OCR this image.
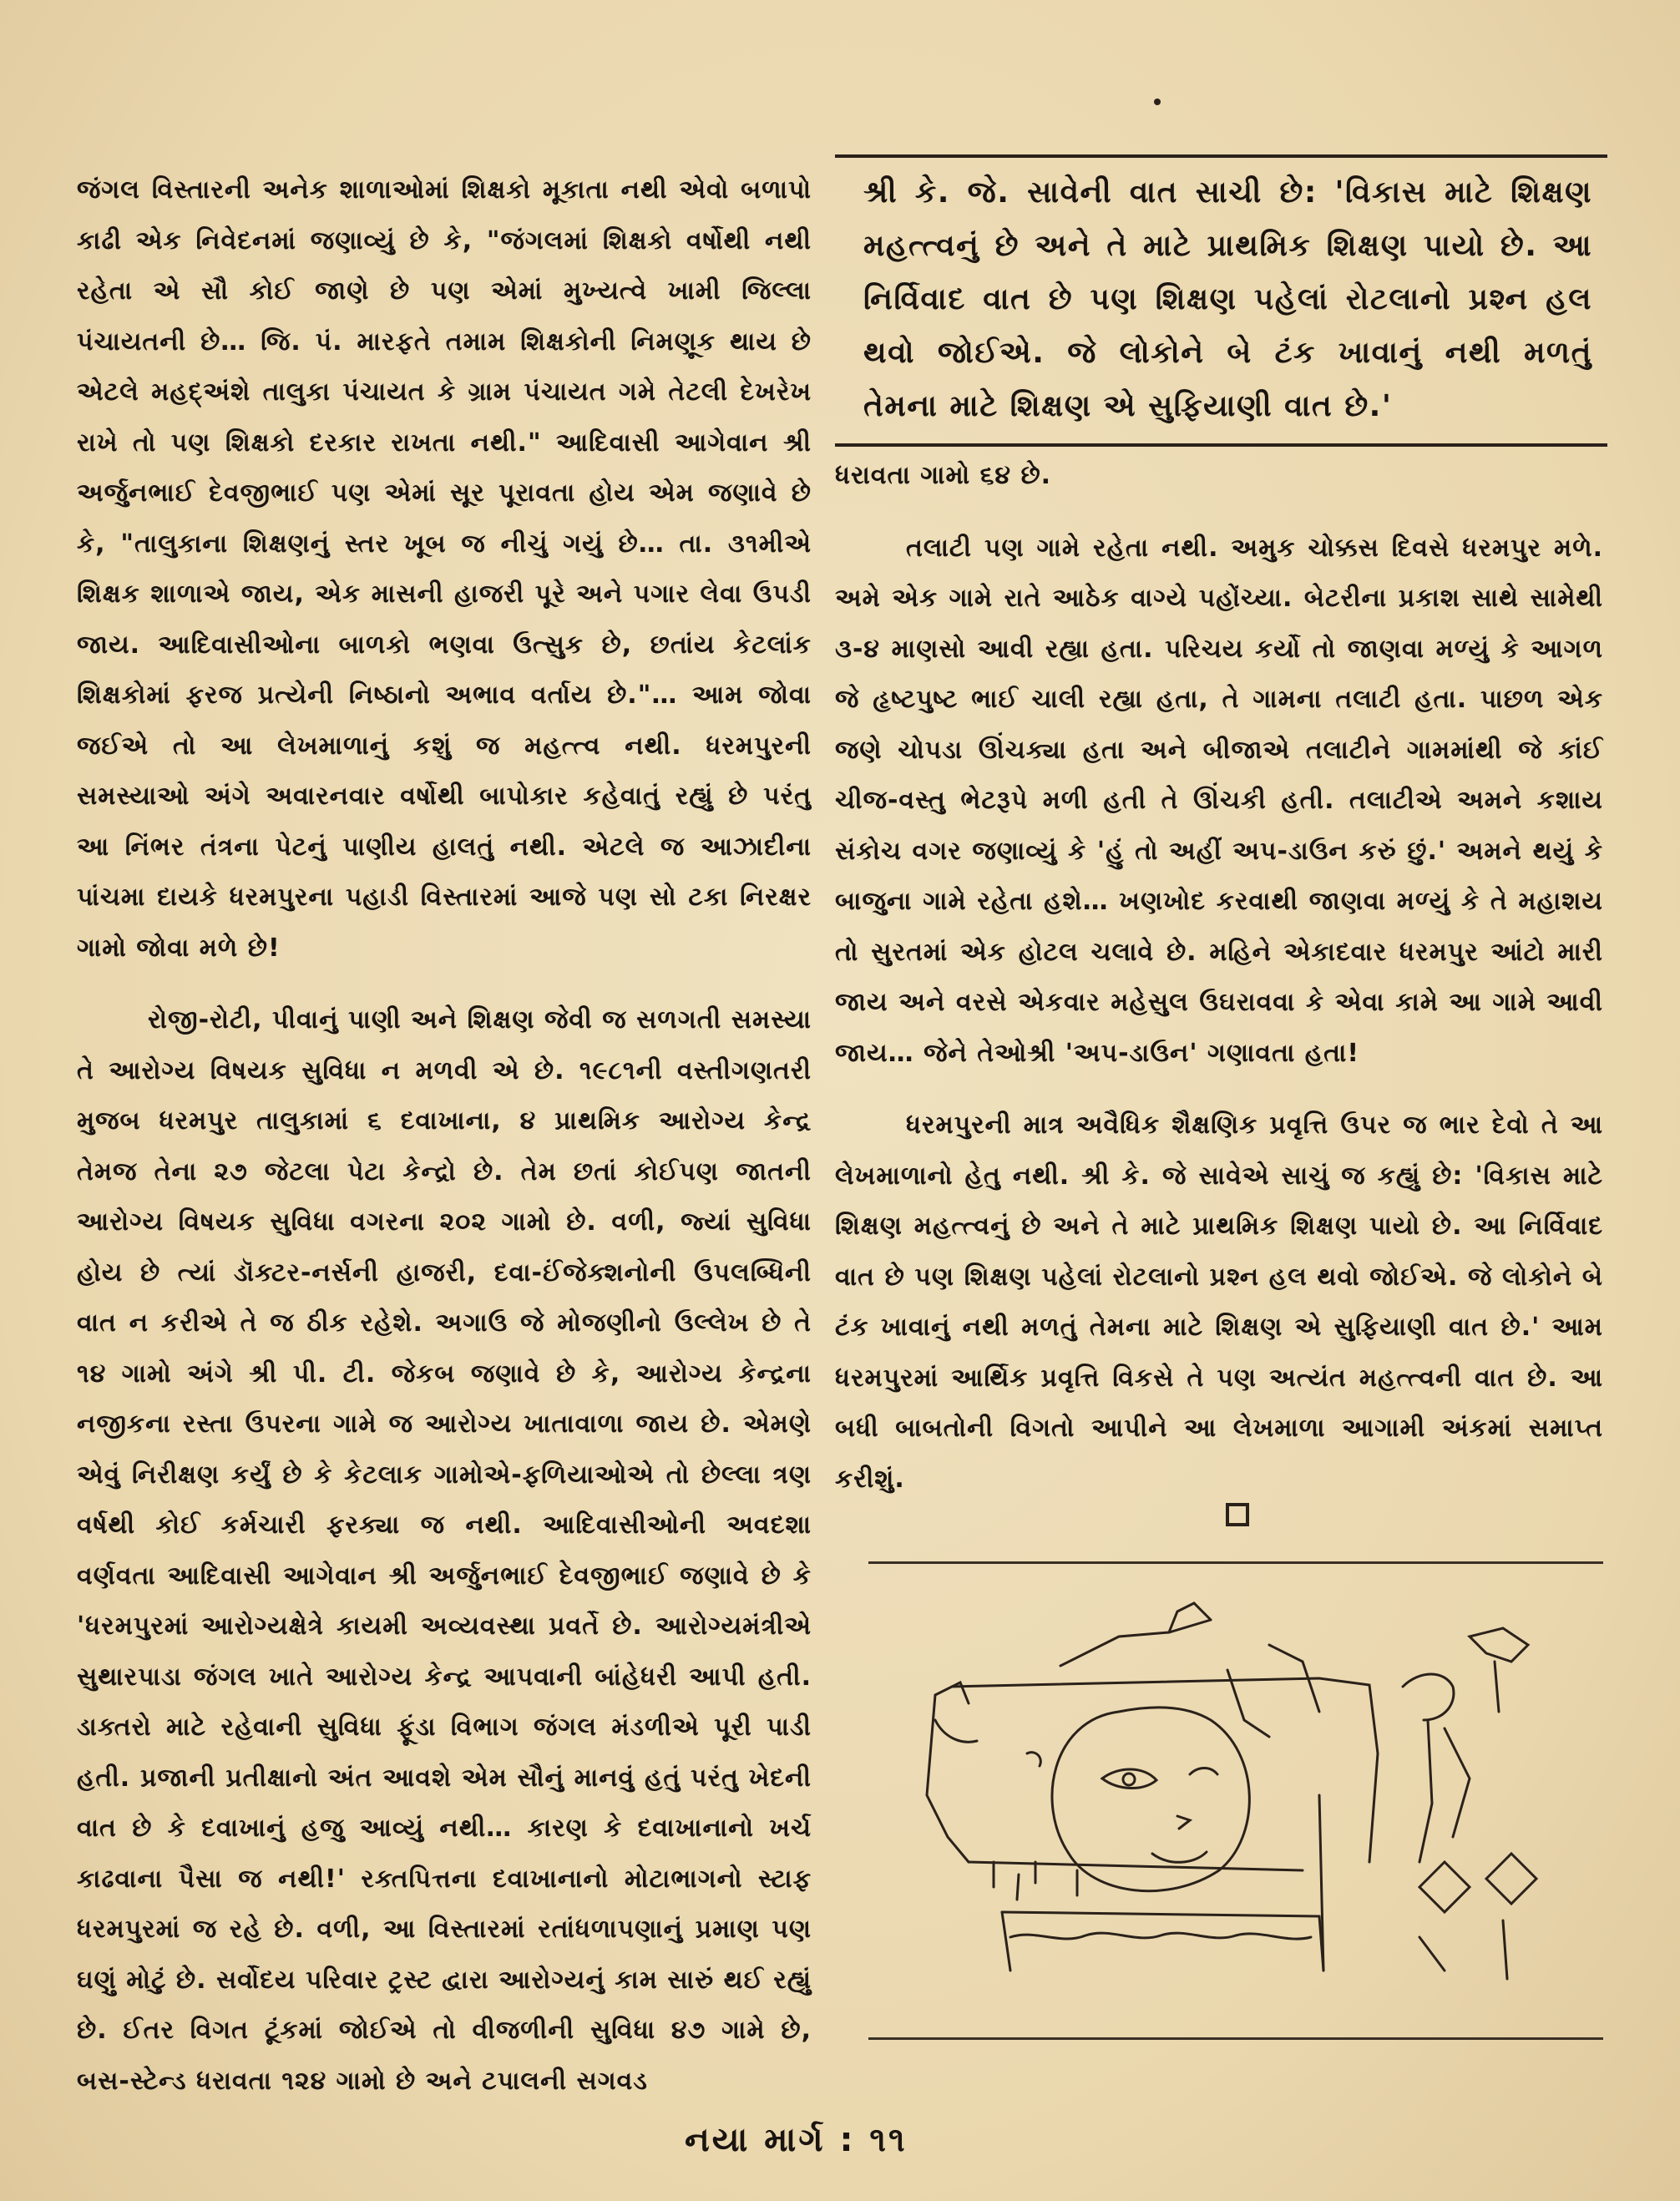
જંગલ વિસ્તારની અનેક શાળાઓમાં શિક્ષકો મૂકાતા નથી એવો બળાપો કાઢી એક નિવેદનમાં જણાવ્યું છે કે, "જંગલમાં શિક્ષકો વર્ષોથી નથી રહેતા એ સૌ કોઈ જાણે છે પણ એમાં મુખ્યત્વે ખામી જિલ્લા પંચાયતની છે… જિ. પં. મારફતે તમામ શિક્ષકોની નિમણૂક થાય છે એટલે મહદ્અંશે તાલુકા પંચાયત કે ગ્રામ પંચાયત ગમે તેટલી દેખરેખ રાખે તો પણ શિક્ષકો દરકાર રાખતા નથી." આદિવાસી આગેવાન શ્રી અર્જુનભાઈ દેવજીભાઈ પણ એમાં સૂર પૂરાવતા હોય એમ જણાવે છે કે, "તાલુકાના શિક્ષણનું સ્તર ખૂબ જ નીચું ગયું છે… તા. ૩૧મીએ શિક્ષક શાળાએ જાય, એક માસની હાજરી પૂરે અને પગાર લેવા ઉપડી જાય. આદિવાસીઓના બાળકો ભણવા ઉત્સુક છે, છતાંય કેટલાંક શિક્ષકોમાં ફરજ પ્રત્યેની નિષ્ઠાનો અભાવ વર્તાય છે."… આમ જોવા જઈએ તો આ લેખમાળાનું કશું જ મહત્ત્વ નથી. ધરમપુરની સમસ્યાઓ અંગે અવારનવાર વર્ષોથી બાપોકાર કહેવાતું રહ્યું છે પરંતુ આ નિંભર તંત્રના પેટનું પાણીય હાલતું નથી. એટલે જ આઝાદીના પાંચમા દાયકે ધરમપુરના પહાડી વિસ્તારમાં આજે પણ સો ટકા નિરક્ષર ગામો જોવા મળે છે!

રોજી-રોટી, પીવાનું પાણી અને શિક્ષણ જેવી જ સળગતી સમસ્યા તે આરોગ્ય વિષયક સુવિધા ન મળવી એ છે. ૧૯૮૧ની વસ્તીગણતરી મુજબ ધરમપુર તાલુકામાં ૬ દવાખાના, ૪ પ્રાથમિક આરોગ્ય કેન્દ્ર તેમજ તેના ૨૭ જેટલા પેટા કેન્દ્રો છે. તેમ છતાં કોઈપણ જાતની આરોગ્ય વિષયક સુવિધા વગરના ૨૦૨ ગામો છે. વળી, જ્યાં સુવિધા હોય છે ત્યાં ડૉક્ટર-નર્સની હાજરી, દવા-ઈંજેક્શનોની ઉપલબ્ધિની વાત ન કરીએ તે જ ઠીક રહેશે. અગાઉ જે મોજણીનો ઉલ્લેખ છે તે ૧૪ ગામો અંગે શ્રી પી. ટી. જેકબ જણાવે છે કે, આરોગ્ય કેન્દ્રના નજીકના રસ્તા ઉપરના ગામે જ આરોગ્ય ખાતાવાળા જાય છે. એમણે એવું નિરીક્ષણ કર્યું છે કે કેટલાક ગામોએ-ફળિયાઓએ તો છેલ્લા ત્રણ વર્ષથી કોઈ કર્મચારી ફરક્યા જ નથી. આદિવાસીઓની અવદશા વર્ણવતા આદિવાસી આગેવાન શ્રી અર્જુનભાઈ દેવજીભાઈ જણાવે છે કે 'ધરમપુરમાં આરોગ્યક્ષેત્રે કાયમી અવ્યવસ્થા પ્રવર્તે છે. આરોગ્યમંત્રીએ સુથારપાડા જંગલ ખાતે આરોગ્ય કેન્દ્ર આપવાની બાંહેધરી આપી હતી. ડાક્તરો માટે રહેવાની સુવિધા ફૂંડા વિભાગ જંગલ મંડળીએ પૂરી પાડી હતી. પ્રજાની પ્રતીક્ષાનો અંત આવશે એમ સૌનું માનવું હતું પરંતુ ખેદની વાત છે કે દવાખાનું હજુ આવ્યું નથી… કારણ કે દવાખાનાનો ખર્ચ કાઢવાના પૈસા જ નથી!' રક્તપિત્તના દવાખાનાનો મોટાભાગનો સ્ટાફ ધરમપુરમાં જ રહે છે. વળી, આ વિસ્તારમાં રતાંધળાપણાનું પ્રમાણ પણ ઘણું મોટું છે. સર્વોદય પરિવાર ટ્રસ્ટ દ્વારા આરોગ્યનું કામ સારું થઈ રહ્યું છે. ઈતર વિગત ટૂંકમાં જોઈએ તો વીજળીની સુવિધા ૪૭ ગામે છે, બસ-સ્ટેન્ડ ધરાવતા ૧૨૪ ગામો છે અને ટપાલની સગવડ

શ્રી કે. જે. સાવેની વાત સાચી છે: 'વિકાસ માટે શિક્ષણ મહત્ત્વનું છે અને તે માટે પ્રાથમિક શિક્ષણ પાયો છે. આ નિર્વિવાદ વાત છે પણ શિક્ષણ પહેલાં રોટલાનો પ્રશ્ન હલ થવો જોઈએ. જે લોકોને બે ટંક ખાવાનું નથી મળતું તેમના માટે શિક્ષણ એ સુફિયાણી વાત છે.'

ધરાવતા ગામો ૬૪ છે.

તલાટી પણ ગામે રહેતા નથી. અમુક ચોક્કસ દિવસે ધરમપુર મળે. અમે એક ગામે રાતે આઠેક વાગ્યે પહોંચ્યા. બેટરીના પ્રકાશ સાથે સામેથી ૩-૪ માણસો આવી રહ્યા હતા. પરિચય કર્યો તો જાણવા મળ્યું કે આગળ જે હૃષ્ટપુષ્ટ ભાઈ ચાલી રહ્યા હતા, તે ગામના તલાટી હતા. પાછળ એક જણે ચોપડા ઊંચક્યા હતા અને બીજાએ તલાટીને ગામમાંથી જે કાંઈ ચીજ-વસ્તુ ભેટરૂપે મળી હતી તે ઊંચકી હતી. તલાટીએ અમને કશાય સંકોચ વગર જણાવ્યું કે 'હું તો અહીં અપ-ડાઉન કરું છું.' અમને થયું કે બાજુના ગામે રહેતા હશે… ખણખોદ કરવાથી જાણવા મળ્યું કે તે મહાશય તો સુરતમાં એક હોટલ ચલાવે છે. મહિને એકાદવાર ધરમપુર આંટો મારી જાય અને વરસે એકવાર મહેસુલ ઉઘરાવવા કે એવા કામે આ ગામે આવી જાય… જેને તેઓશ્રી 'અપ-ડાઉન' ગણાવતા હતા!

ધરમપુરની માત્ર અવૈધિક શૈક્ષણિક પ્રવૃત્તિ ઉપર જ ભાર દેવો તે આ લેખમાળાનો હેતુ નથી. શ્રી કે. જે સાવેએ સાચું જ કહ્યું છે: 'વિકાસ માટે શિક્ષણ મહત્ત્વનું છે અને તે માટે પ્રાથમિક શિક્ષણ પાયો છે. આ નિર્વિવાદ વાત છે પણ શિક્ષણ પહેલાં રોટલાનો પ્રશ્ન હલ થવો જોઈએ. જે લોકોને બે ટંક ખાવાનું નથી મળતું તેમના માટે શિક્ષણ એ સુફિયાણી વાત છે.' આમ ધરમપુરમાં આર્થિક પ્રવૃત્તિ વિકસે તે પણ અત્યંત મહત્ત્વની વાત છે. આ બધી બાબતોની વિગતો આપીને આ લેખમાળા આગામી અંકમાં સમાપ્ત કરીશું.

નયા માર્ગ : ૧૧
